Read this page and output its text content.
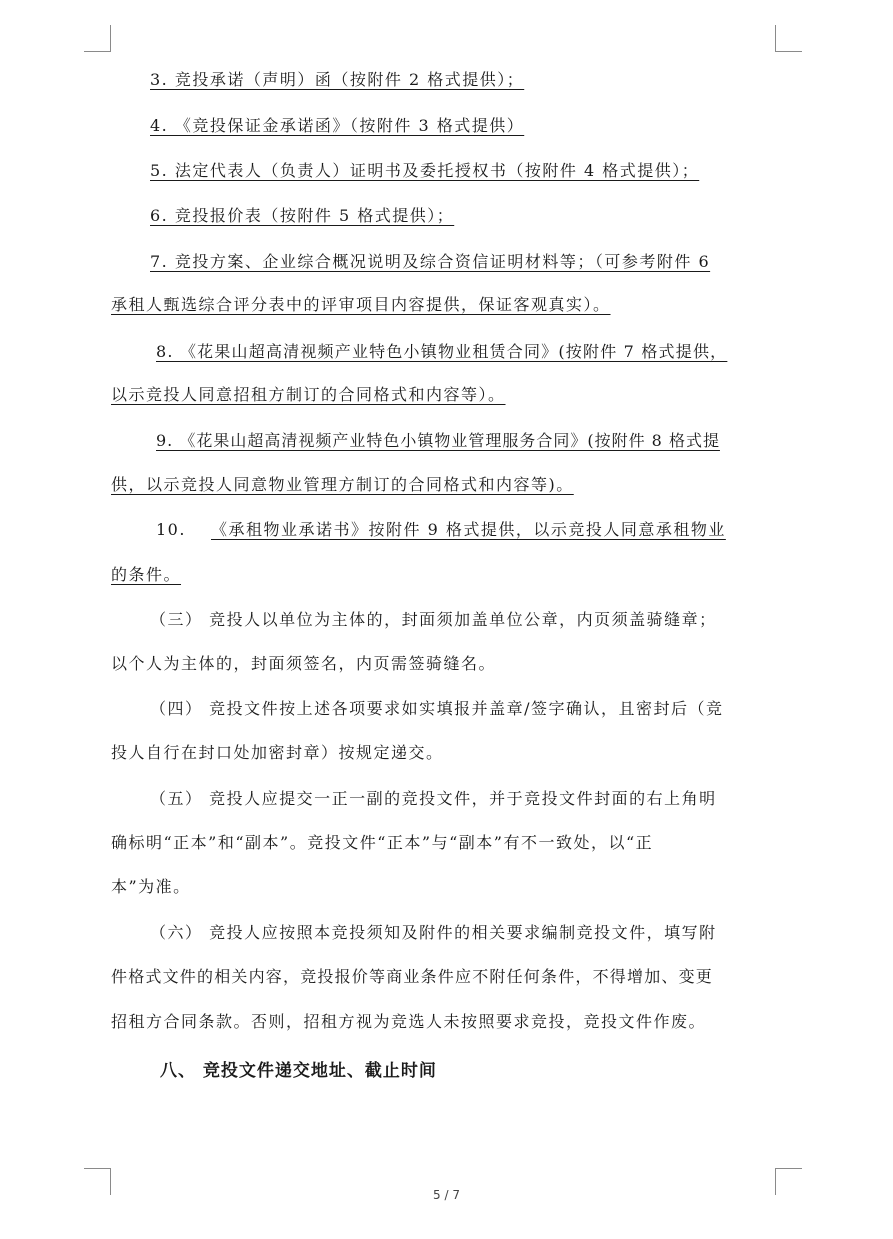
3. 竞投承诺（声明）函（按附件 2 格式提供）；
4. 《竞投保证金承诺函》（按附件 3 格式提供）
5. 法定代表人（负责人）证明书及委托授权书（按附件 4 格式提供）；
6. 竞投报价表（按附件 5 格式提供）；
7. 竞投方案、企业综合概况说明及综合资信证明材料等；（可参考附件 6
承租人甄选综合评分表中的评审项目内容提供，保证客观真实）。
8. 《花果山超高清视频产业特色小镇物业租赁合同》(按附件 7 格式提供，
以示竞投人同意招租方制订的合同格式和内容等）。
9. 《花果山超高清视频产业特色小镇物业管理服务合同》(按附件 8 格式提
供，以示竞投人同意物业管理方制订的合同格式和内容等)。
10. 《承租物业承诺书》按附件 9 格式提供，以示竞投人同意承租物业
的条件。
（三） 竞投人以单位为主体的，封面须加盖单位公章，内页须盖骑缝章；
以个人为主体的，封面须签名，内页需签骑缝名。
（四） 竞投文件按上述各项要求如实填报并盖章/签字确认，且密封后（竞
投人自行在封口处加密封章）按规定递交。
（五） 竞投人应提交一正一副的竞投文件，并于竞投文件封面的右上角明
确标明“正本”和“副本”。竞投文件“正本”与“副本”有不一致处，以“正
本”为准。
（六） 竞投人应按照本竞投须知及附件的相关要求编制竞投文件，填写附
件格式文件的相关内容，竞投报价等商业条件应不附任何条件，不得增加、变更
招租方合同条款。否则，招租方视为竞选人未按照要求竞投，竞投文件作废。
八、 竞投文件递交地址、截止时间
5 / 7
